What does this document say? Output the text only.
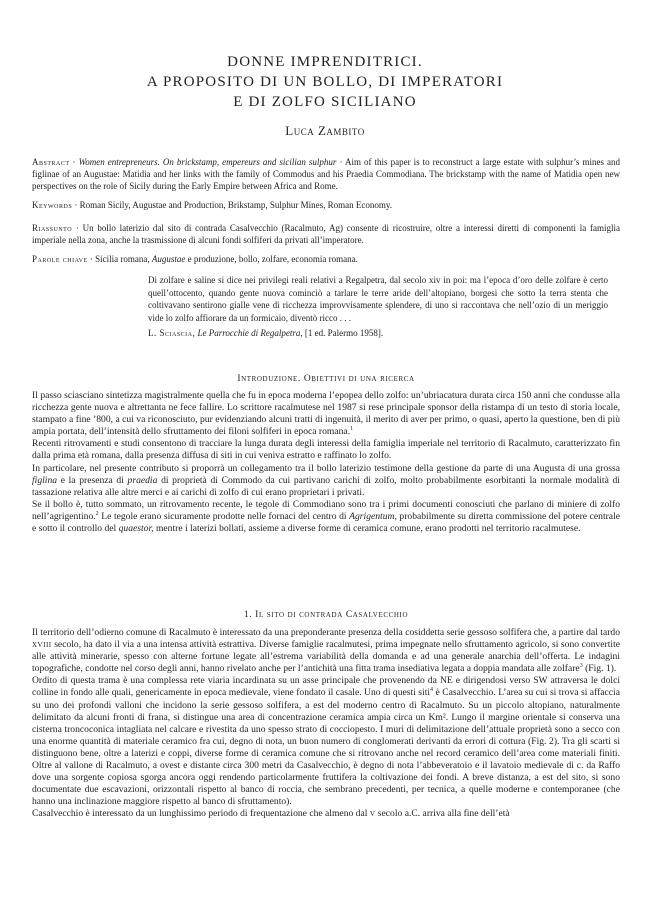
DONNE IMPRENDITRICI.
A PROPOSITO DI UN BOLLO, DI IMPERATORI
E DI ZOLFO SICILIANO
Luca Zambito
Abstract · Women entrepreneurs. On brickstamp, empereurs and sicilian sulphur · Aim of this paper is to reconstruct a large estate with sulphur’s mines and figlinae of an Augustae: Matidia and her links with the family of Commodus and his Praedia Commodiana. The brickstamp with the name of Matidia open new perspectives on the role of Sicily during the Early Empire between Africa and Rome.
Keywords · Roman Sicily, Augustae and Production, Brikstamp, Sulphur Mines, Roman Economy.
Riassunto · Un bollo laterizio dal sito di contrada Casalvecchio (Racalmuto, Ag) consente di ricostruire, oltre a interessi diretti di componenti la famiglia imperiale nella zona, anche la trasmissione di alcuni fondi solfiferi da privati all’imperatore.
Parole chiave · Sicilia romana, Augustae e produzione, bollo, zolfare, economia romana.
Di zolfare e saline si dice nei privilegi reali relativi a Regalpetra, dal secolo xiv in poi: ma l’epoca d’oro delle zolfare è certo quell’ottocento, quando gente nuova cominciò a tarlare le terre aride dell’altopiano, borgesi che sotto la terra stenta che coltivavano sentirono gialle vene di ricchezza improvvisamente splendere, di uno si raccontava che nell’ozio di un meriggio vide lo zolfo affiorare da un formicaio, diventò ricco . . .
L. Sciascia, Le Parrocchie di Regalpetra, [1 ed. Palermo 1958].
Introduzione. Obiettivi di una ricerca

Il passo sciasciano sintetizza magistralmente quella che fu in epoca moderna l’epopea dello zolfo: un’ubriacatura durata circa 150 anni che condusse alla ricchezza gente nuova e altrettanta ne fece fallire. Lo scrittore racalmutese nel 1987 si rese principale sponsor della ristampa di un testo di storia locale, stampato a fine ’800, a cui va riconosciuto, pur evidenziando alcuni tratti di ingenuità, il merito di aver per primo, o quasi, aperto la questione, ben di più ampia portata, dell’intensità dello sfruttamento dei filoni solfiferi in epoca romana.$^1$

Recenti ritrovamenti e studi consentono di tracciare la lunga durata degli interessi della famiglia imperiale nel territorio di Racalmuto, caratterizzato fin dalla prima età romana, dalla presenza diffusa di siti in cui veniva estratto e raffinato lo zolfo.

In particolare, nel presente contributo si proporrà un collegamento tra il bollo laterizio testimone della gestione da parte di una Augusta di una grossa figlina e la presenza di praedia di proprietà di Commodo da cui partivano carichi di zolfo, molto probabilmente esorbitanti la normale modalità di tassazione relativa alle altre merci e ai carichi di zolfo di cui erano proprietari i privati.

Se il bollo è, tutto sommato, un ritrovamento recente, le tegole di Commodiano sono tra i primi documenti conosciuti che parlano di miniere di zolfo nell’agrigentino.$^2$ Le tegole erano sicuramente prodotte nelle fornaci del centro di Agrigentum, probabilmente su diretta commissione del potere centrale e sotto il controllo del quaestor, mentre i laterizi bollati, assieme a diverse forme di ceramica comune, erano prodotti nel territorio racalmutese.

1. Il sito di contrada Casalvecchio

Il territorio dell’odierno comune di Racalmuto è interessato da una preponderante presenza della cosiddetta serie gessoso solfifera che, a partire dal tardo xviii secolo, ha dato il via a una intensa attività estrattiva. Diverse famiglie racalmutesi, prima impegnate nello sfruttamento agricolo, si sono convertite alle attività minerarie, spesso con alterne fortune legate all’estrema variabilità della domanda e ad una generale anarchia dell’offerta. Le indagini topografiche, condotte nel corso degli anni, hanno rivelato anche per l’antichità una fitta trama insediativa legata a doppia mandata alle zolfare$^3$ (Fig. 1).

Ordito di questa trama è una complessa rete viaria incardinata su un asse principale che provenendo da NE e dirigendosi verso SW attraversa le dolci colline in fondo alle quali, genericamente in epoca medievale, viene fondato il casale. Uno di questi siti$^4$ è Casalvecchio. L’area su cui si trova si affaccia su uno dei profondi valloni che incidono la serie gessoso solfifera, a est del moderno centro di Racalmuto. Su un piccolo altopiano, naturalmente delimitato da alcuni fronti di frana, si distingue una area di concentrazione ceramica ampia circa un Km². Lungo il margine orientale si conserva una cisterna troncoconica intagliata nel calcare e rivestita da uno spesso strato di cocciopesto. I muri di delimitazione dell’attuale proprietà sono a secco con una enorme quantità di materiale ceramico fra cui, degno di nota, un buon numero di conglomerati derivanti da errori di cottura (Fig. 2). Tra gli scarti si distinguono bene, oltre a laterizi e coppi, diverse forme di ceramica comune che si ritrovano anche nel record ceramico dell’area come materiali finiti. Oltre al vallone di Racalmuto, a ovest e distante circa 300 metri da Casalvecchio, è degno di nota l’abbeveratoio e il lavatoio medievale di c. da Raffo dove una sorgente copiosa sgorga ancora oggi rendendo particolarmente fruttifera la coltivazione dei fondi. A breve distanza, a est del sito, si sono documentate due escavazioni, orizzontali rispetto al banco di roccia, che sembrano precedenti, per tecnica, a quelle moderne e contemporanee (che hanno una inclinazione maggiore rispetto al banco di sfruttamento).

Casalvecchio è interessato da un lunghissimo periodo di frequentazione che almeno dal v secolo a.C. arriva alla fine dell’età
